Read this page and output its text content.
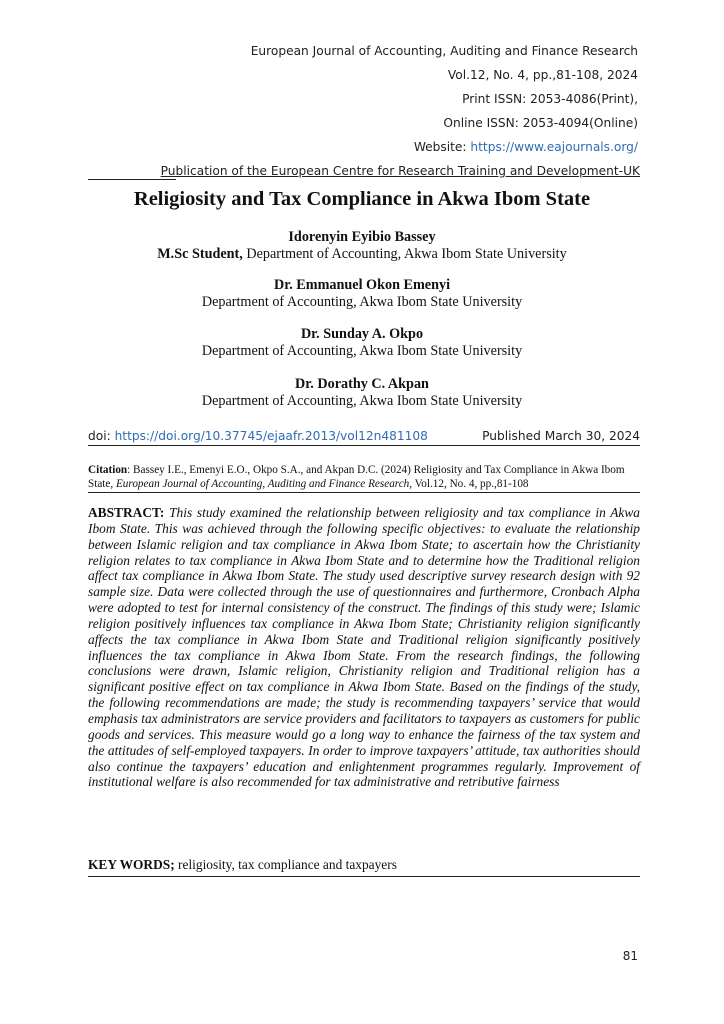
European Journal of Accounting, Auditing and Finance Research
Vol.12, No. 4, pp.,81-108, 2024
Print ISSN: 2053-4086(Print),
Online ISSN: 2053-4094(Online)
Website: https://www.eajournals.org/
Publication of the European Centre for Research Training and Development-UK
Religiosity and Tax Compliance in Akwa Ibom State
Idorenyin Eyibio Bassey
M.Sc Student, Department of Accounting, Akwa Ibom State University
Dr. Emmanuel Okon Emenyi
Department of Accounting, Akwa Ibom State University
Dr. Sunday A. Okpo
Department of Accounting, Akwa Ibom State University
Dr. Dorathy C. Akpan
Department of Accounting, Akwa Ibom State University
doi: https://doi.org/10.37745/ejaafr.2013/vol12n481108	Published March 30, 2024
Citation: Bassey I.E., Emenyi E.O., Okpo S.A., and Akpan D.C. (2024) Religiosity and Tax Compliance in Akwa Ibom State, European Journal of Accounting, Auditing and Finance Research, Vol.12, No. 4, pp.,81-108
ABSTRACT: This study examined the relationship between religiosity and tax compliance in Akwa Ibom State. This was achieved through the following specific objectives: to evaluate the relationship between Islamic religion and tax compliance in Akwa Ibom State; to ascertain how the Christianity religion relates to tax compliance in Akwa Ibom State and to determine how the Traditional religion affect tax compliance in Akwa Ibom State. The study used descriptive survey research design with 92 sample size. Data were collected through the use of questionnaires and furthermore, Cronbach Alpha were adopted to test for internal consistency of the construct. The findings of this study were; Islamic religion positively influences tax compliance in Akwa Ibom State; Christianity religion significantly affects the tax compliance in Akwa Ibom State and Traditional religion significantly positively influences the tax compliance in Akwa Ibom State. From the research findings, the following conclusions were drawn, Islamic religion, Christianity religion and Traditional religion has a significant positive effect on tax compliance in Akwa Ibom State. Based on the findings of the study, the following recommendations are made; the study is recommending taxpayers’ service that would emphasis tax administrators are service providers and facilitators to taxpayers as customers for public goods and services. This measure would go a long way to enhance the fairness of the tax system and the attitudes of self-employed taxpayers. In order to improve taxpayers’ attitude, tax authorities should also continue the taxpayers’ education and enlightenment programmes regularly. Improvement of institutional welfare is also recommended for tax administrative and retributive fairness
KEY WORDS; religiosity, tax compliance and taxpayers
81
